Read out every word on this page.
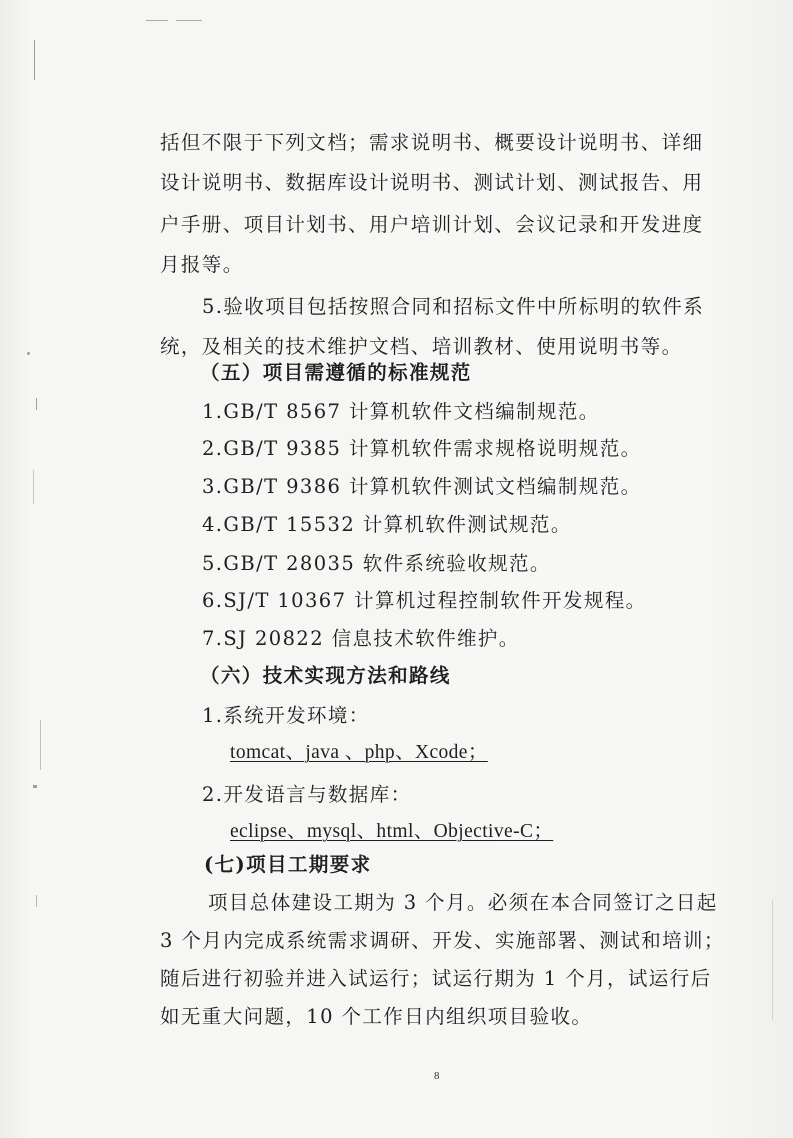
括但不限于下列文档；需求说明书、概要设计说明书、详细
设计说明书、数据库设计说明书、测试计划、测试报告、用
户手册、项目计划书、用户培训计划、会议记录和开发进度
月报等。
5.验收项目包括按照合同和招标文件中所标明的软件系
统，及相关的技术维护文档、培训教材、使用说明书等。
（五）项目需遵循的标准规范
1.GB/T 8567 计算机软件文档编制规范。
2.GB/T 9385 计算机软件需求规格说明规范。
3.GB/T 9386 计算机软件测试文档编制规范。
4.GB/T 15532 计算机软件测试规范。
5.GB/T 28035 软件系统验收规范。
6.SJ/T 10367 计算机过程控制软件开发规程。
7.SJ 20822 信息技术软件维护。
（六）技术实现方法和路线
1.系统开发环境：
tomcat、java 、php、Xcode；
2.开发语言与数据库：
eclipse、mysql、html、Objective-C；
(七)项目工期要求
项目总体建设工期为 3 个月。必须在本合同签订之日起
3 个月内完成系统需求调研、开发、实施部署、测试和培训；
随后进行初验并进入试运行；试运行期为 1 个月，试运行后
如无重大问题，10 个工作日内组织项目验收。
8
